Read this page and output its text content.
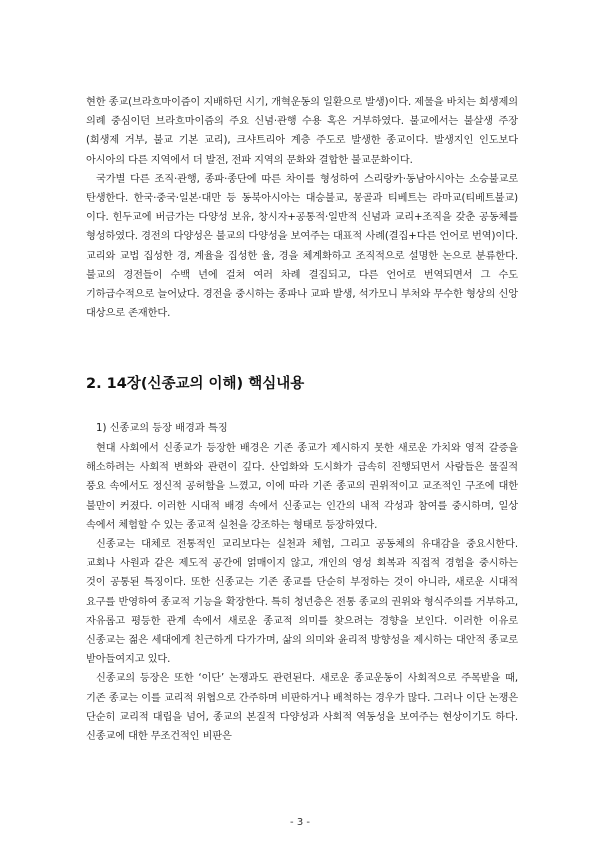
현한 종교(브라흐마이즘이 지배하던 시기, 개혁운동의 일환으로 발생)이다. 제물을 바치는 희생제의 의례 중심이던 브라흐마이즘의 주요 신념·관행 수용 혹은 거부하였다. 불교에서는 불살생 주장(희생제 거부, 불교 기본 교리), 크샤트리아 계층 주도로 발생한 종교이다. 발생지인 인도보다 아시아의 다른 지역에서 더 발전, 전파 지역의 문화와 결합한 불교문화이다.

국가별 다른 조직·관행, 종파·종단에 따른 차이를 형성하여 스리랑카·동남아시아는 소승불교로 탄생한다. 한국·중국·일본·대만 등 동북아시아는 대승불교, 몽골과 티베트는 라마교(티베트불교)이다. 힌두교에 버금가는 다양성 보유, 창시자+공통적·일반적 신념과 교리+조직을 갖춘 공동체를 형성하였다. 경전의 다양성은 불교의 다양성을 보여주는 대표적 사례(결집+다른 언어로 번역)이다. 교리와 교법 집성한 경, 계율을 집성한 율, 경을 체계화하고 조직적으로 설명한 논으로 분류한다. 불교의 경전들이 수백 년에 걸쳐 여러 차례 결집되고, 다른 언어로 번역되면서 그 수도 기하급수적으로 늘어났다. 경전을 중시하는 종파나 교파 발생, 석가모니 부처와 무수한 형상의 신앙 대상으로 존재한다.

2. 14장(신종교의 이해) 핵심내용

1) 신종교의 등장 배경과 특징

현대 사회에서 신종교가 등장한 배경은 기존 종교가 제시하지 못한 새로운 가치와 영적 갈증을 해소하려는 사회적 변화와 관련이 깊다. 산업화와 도시화가 급속히 진행되면서 사람들은 물질적 풍요 속에서도 정신적 공허함을 느꼈고, 이에 따라 기존 종교의 권위적이고 교조적인 구조에 대한 불만이 커졌다. 이러한 시대적 배경 속에서 신종교는 인간의 내적 각성과 참여를 중시하며, 일상 속에서 체험할 수 있는 종교적 실천을 강조하는 형태로 등장하였다.

신종교는 대체로 전통적인 교리보다는 실천과 체험, 그리고 공동체의 유대감을 중요시한다. 교회나 사원과 같은 제도적 공간에 얽매이지 않고, 개인의 영성 회복과 직접적 경험을 중시하는 것이 공통된 특징이다. 또한 신종교는 기존 종교를 단순히 부정하는 것이 아니라, 새로운 시대적 요구를 반영하여 종교적 기능을 확장한다. 특히 청년층은 전통 종교의 권위와 형식주의를 거부하고, 자유롭고 평등한 관계 속에서 새로운 종교적 의미를 찾으려는 경향을 보인다. 이러한 이유로 신종교는 젊은 세대에게 친근하게 다가가며, 삶의 의미와 윤리적 방향성을 제시하는 대안적 종교로 받아들여지고 있다.

신종교의 등장은 또한 ‘이단’ 논쟁과도 관련된다. 새로운 종교운동이 사회적으로 주목받을 때, 기존 종교는 이를 교리적 위협으로 간주하며 비판하거나 배척하는 경우가 많다. 그러나 이단 논쟁은 단순히 교리적 대립을 넘어, 종교의 본질적 다양성과 사회적 역동성을 보여주는 현상이기도 하다. 신종교에 대한 무조건적인 비판은

- 3 -
